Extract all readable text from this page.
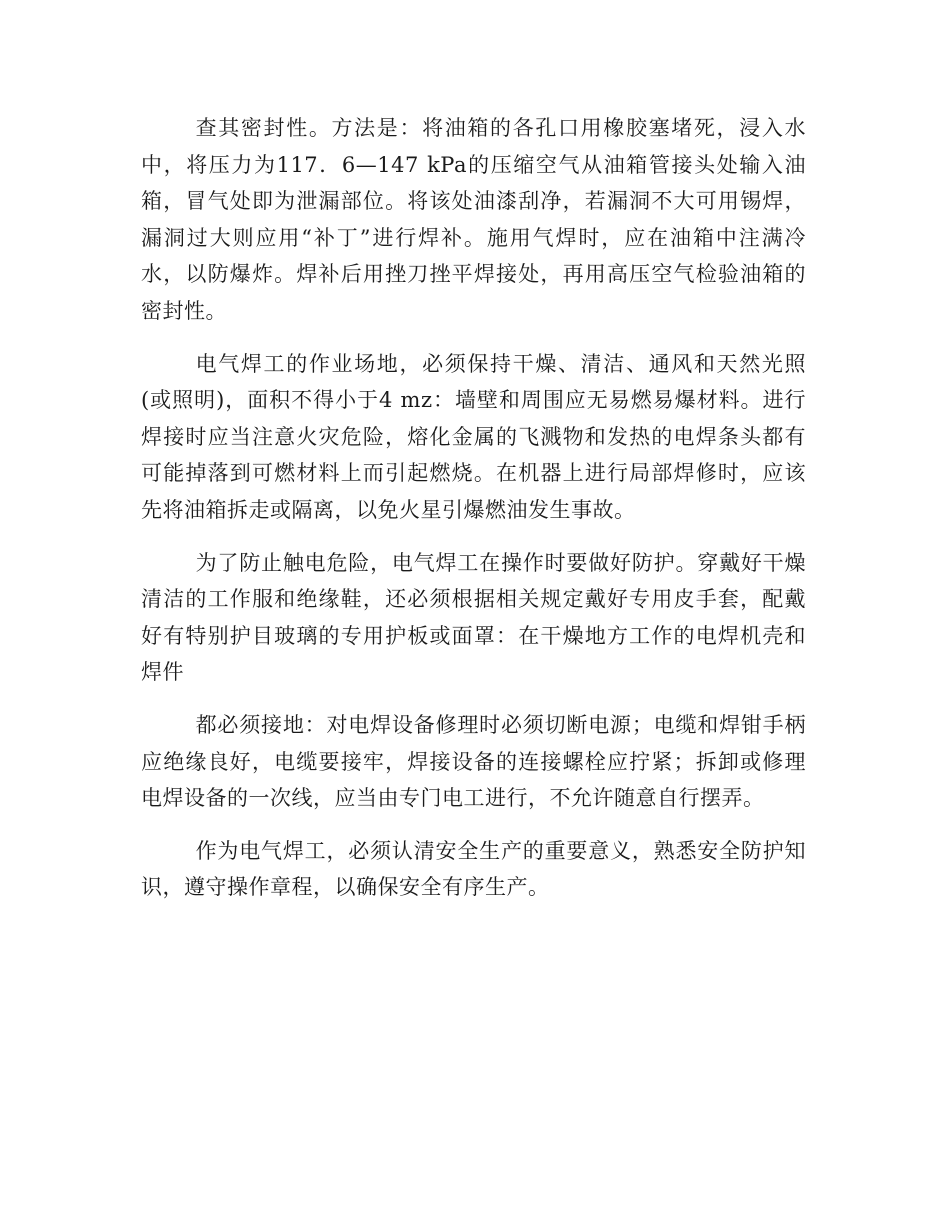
查其密封性。方法是：将油箱的各孔口用橡胶塞堵死，浸入水中，将压力为117．6—147 kPa的压缩空气从油箱管接头处输入油箱，冒气处即为泄漏部位。将该处油漆刮净，若漏洞不大可用锡焊，漏洞过大则应用“补丁”进行焊补。施用气焊时，应在油箱中注满冷水，以防爆炸。焊补后用挫刀挫平焊接处，再用高压空气检验油箱的密封性。

电气焊工的作业场地，必须保持干燥、清洁、通风和天然光照(或照明)，面积不得小于4 mz：墙壁和周围应无易燃易爆材料。进行焊接时应当注意火灾危险，熔化金属的飞溅物和发热的电焊条头都有可能掉落到可燃材料上而引起燃烧。在机器上进行局部焊修时，应该先将油箱拆走或隔离，以免火星引爆燃油发生事故。

为了防止触电危险，电气焊工在操作时要做好防护。穿戴好干燥清洁的工作服和绝缘鞋，还必须根据相关规定戴好专用皮手套，配戴好有特别护目玻璃的专用护板或面罩：在干燥地方工作的电焊机壳和焊件

都必须接地：对电焊设备修理时必须切断电源；电缆和焊钳手柄应绝缘良好，电缆要接牢，焊接设备的连接螺栓应拧紧；拆卸或修理电焊设备的一次线，应当由专门电工进行，不允许随意自行摆弄。

作为电气焊工，必须认清安全生产的重要意义，熟悉安全防护知识，遵守操作章程，以确保安全有序生产。
